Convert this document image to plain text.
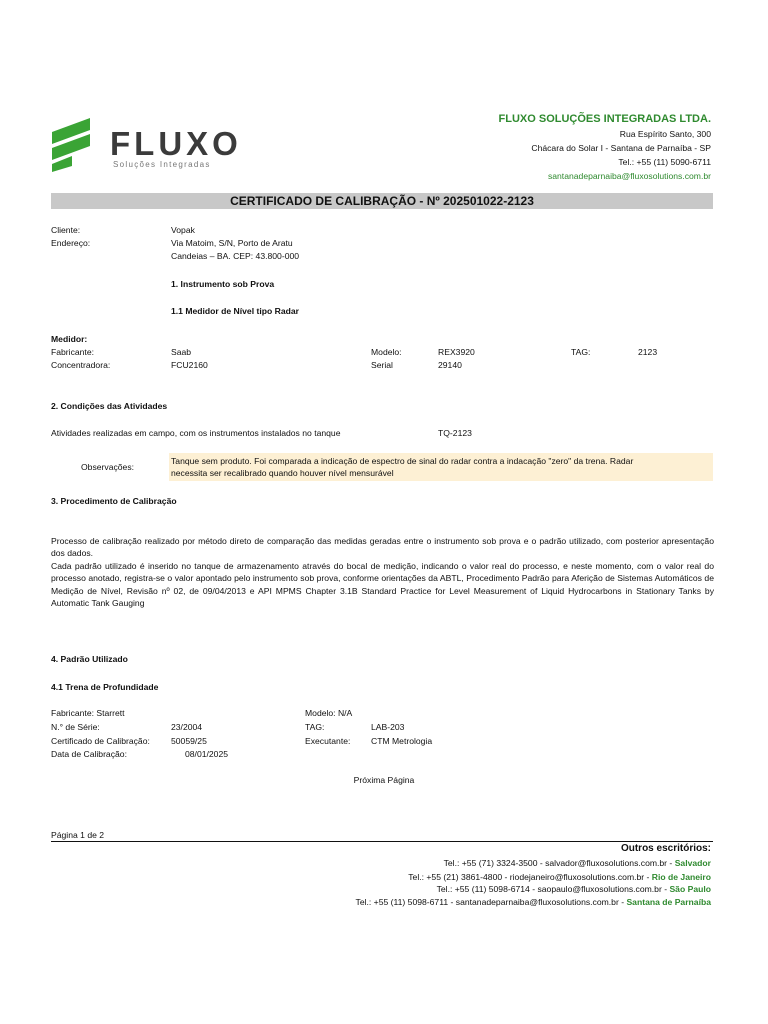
FLUXO
Soluções Integradas
FLUXO SOLUÇÕES INTEGRADAS LTDA.
Rua Espírito Santo, 300
Chácara do Solar I - Santana de Parnaíba - SP
Tel.: +55 (11) 5090-6711
santanadeparnaiba@fluxosolutions.com.br
CERTIFICADO DE CALIBRAÇÃO - Nº 202501022-2123
Cliente:	Vopak
Endereço:	Via Matoim, S/N, Porto de Aratu
Candeias – BA. CEP: 43.800-000
1. Instrumento sob Prova
1.1 Medidor de Nível tipo Radar
Medidor:
Fabricante:	Saab	Modelo:	REX3920	TAG:	2123
Concentradora:	FCU2160	Serial	29140
2. Condições das Atividades
Atividades realizadas em campo, com os instrumentos instalados no tanque	TQ-2123
Observações:
Tanque sem produto. Foi comparada a indicação de espectro de sinal do radar contra a indacação "zero" da trena. Radar
necessita ser recalibrado quando houver nível mensurável
3. Procedimento de Calibração
Processo de calibração realizado por método direto de comparação das medidas geradas entre o instrumento sob prova e o padrão utilizado, com posterior apresentação dos dados.
Cada padrão utilizado é inserido no tanque de armazenamento através do bocal de medição, indicando o valor real do processo, e neste momento, com o valor real do processo anotado, registra-se o valor apontado pelo instrumento sob prova, conforme orientações da ABTL, Procedimento Padrão para Aferição de Sistemas Automáticos de Medição de Nível, Revisão nº 02, de 09/04/2013 e API MPMS Chapter 3.1B Standard Practice for Level Measurement of Liquid Hydrocarbons in Stationary Tanks by Automatic Tank Gauging
4. Padrão Utilizado
4.1 Trena de Profundidade
Fabricante: Starrett	Modelo: N/A
N.° de Série:	23/2004	TAG:	LAB-203
Certificado de Calibração: 50059/25	Executante: CTM Metrologia
Data de Calibração:	08/01/2025
Próxima Página
Página 1 de 2
Outros escritórios:
Tel.: +55 (71) 3324-3500 - salvador@fluxosolutions.com.br - Salvador
Tel.: +55 (21) 3861-4800 - riodejaneiro@fluxosolutions.com.br - Rio de Janeiro
Tel.: +55 (11) 5098-6714 - saopaulo@fluxosolutions.com.br - São Paulo
Tel.: +55 (11) 5098-6711 - santanadeparnaiba@fluxosolutions.com.br - Santana de Parnaíba
